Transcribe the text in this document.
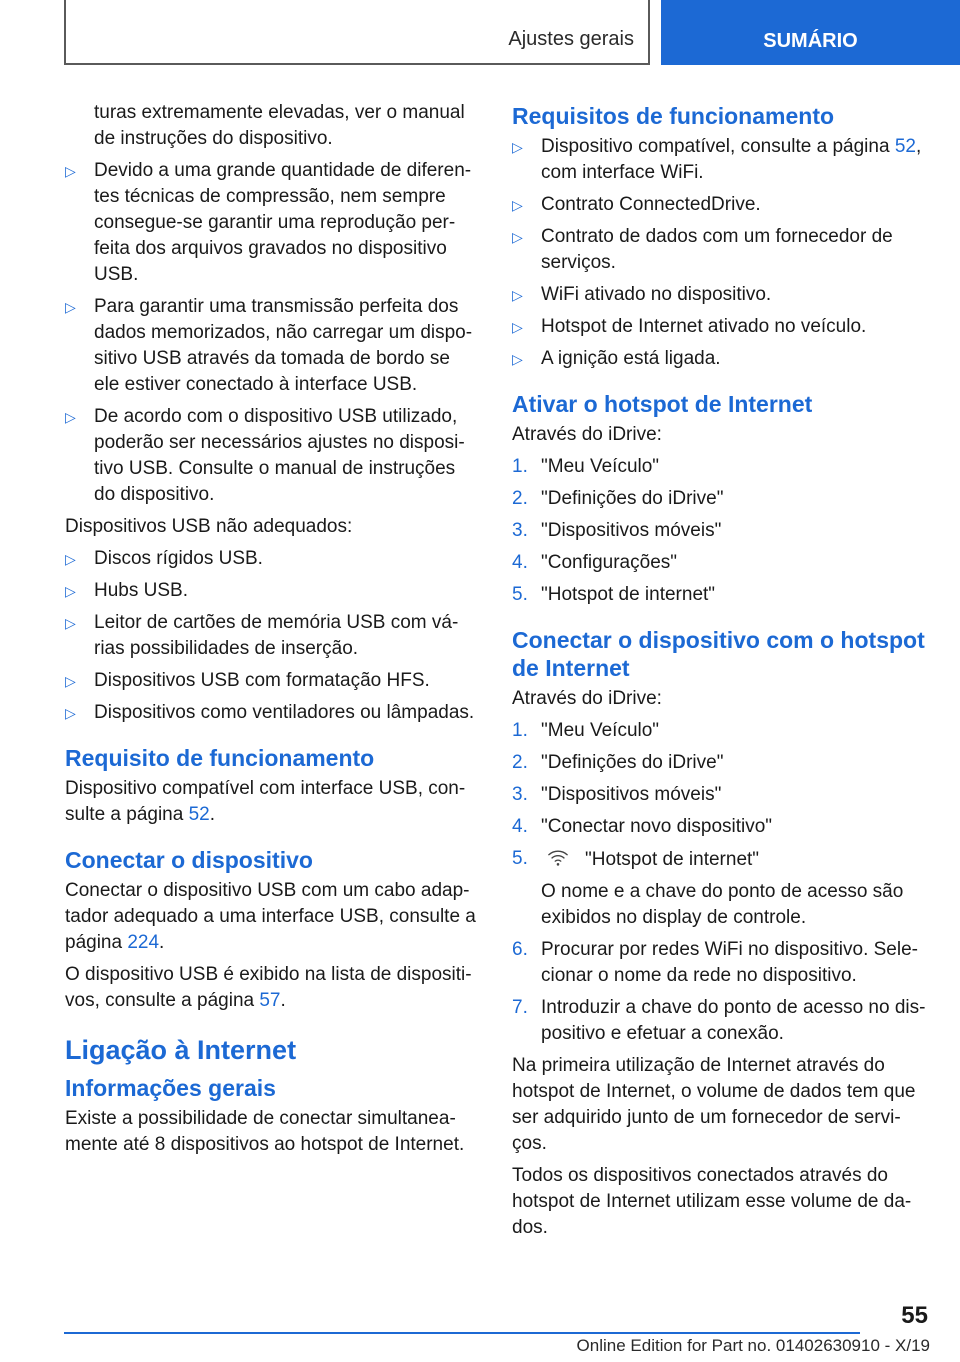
Ajustes gerais	SUMÁRIO
turas extremamente elevadas, ver o manual de instruções do dispositivo.
▷ Devido a uma grande quantidade de diferen‐tes técnicas de compressão, nem sempre consegue-se garantir uma reprodução per‐feita dos arquivos gravados no dispositivo USB.
▷ Para garantir uma transmissão perfeita dos dados memorizados, não carregar um dispo‐sitivo USB através da tomada de bordo se ele estiver conectado à interface USB.
▷ De acordo com o dispositivo USB utilizado, poderão ser necessários ajustes no disposi‐tivo USB. Consulte o manual de instruções do dispositivo.
Dispositivos USB não adequados:
▷ Discos rígidos USB.
▷ Hubs USB.
▷ Leitor de cartões de memória USB com vá‐rias possibilidades de inserção.
▷ Dispositivos USB com formatação HFS.
▷ Dispositivos como ventiladores ou lâmpadas.
Requisito de funcionamento
Dispositivo compatível com interface USB, con‐sulte a página 52.
Conectar o dispositivo
Conectar o dispositivo USB com um cabo adap‐tador adequado a uma interface USB, consulte a página 224.
O dispositivo USB é exibido na lista de dispositi‐vos, consulte a página 57.
Ligação à Internet
Informações gerais
Existe a possibilidade de conectar simultanea‐mente até 8 dispositivos ao hotspot de Internet.
Requisitos de funcionamento
▷ Dispositivo compatível, consulte a página 52, com interface WiFi.
▷ Contrato ConnectedDrive.
▷ Contrato de dados com um fornecedor de serviços.
▷ WiFi ativado no dispositivo.
▷ Hotspot de Internet ativado no veículo.
▷ A ignição está ligada.
Ativar o hotspot de Internet
Através do iDrive:
1. "Meu Veículo"
2. "Definições do iDrive"
3. "Dispositivos móveis"
4. "Configurações"
5. "Hotspot de internet"
Conectar o dispositivo com o hotspot de Internet
Através do iDrive:
1. "Meu Veículo"
2. "Definições do iDrive"
3. "Dispositivos móveis"
4. "Conectar novo dispositivo"
5.	"Hotspot de internet"
O nome e a chave do ponto de acesso são exibidos no display de controle.
6. Procurar por redes WiFi no dispositivo. Sele‐cionar o nome da rede no dispositivo.
7. Introduzir a chave do ponto de acesso no dis‐positivo e efetuar a conexão.
Na primeira utilização de Internet através do hotspot de Internet, o volume de dados tem que ser adquirido junto de um fornecedor de servi‐ços.
Todos os dispositivos conectados através do hotspot de Internet utilizam esse volume de da‐dos.
55
Online Edition for Part no. 01402630910 - X/19
